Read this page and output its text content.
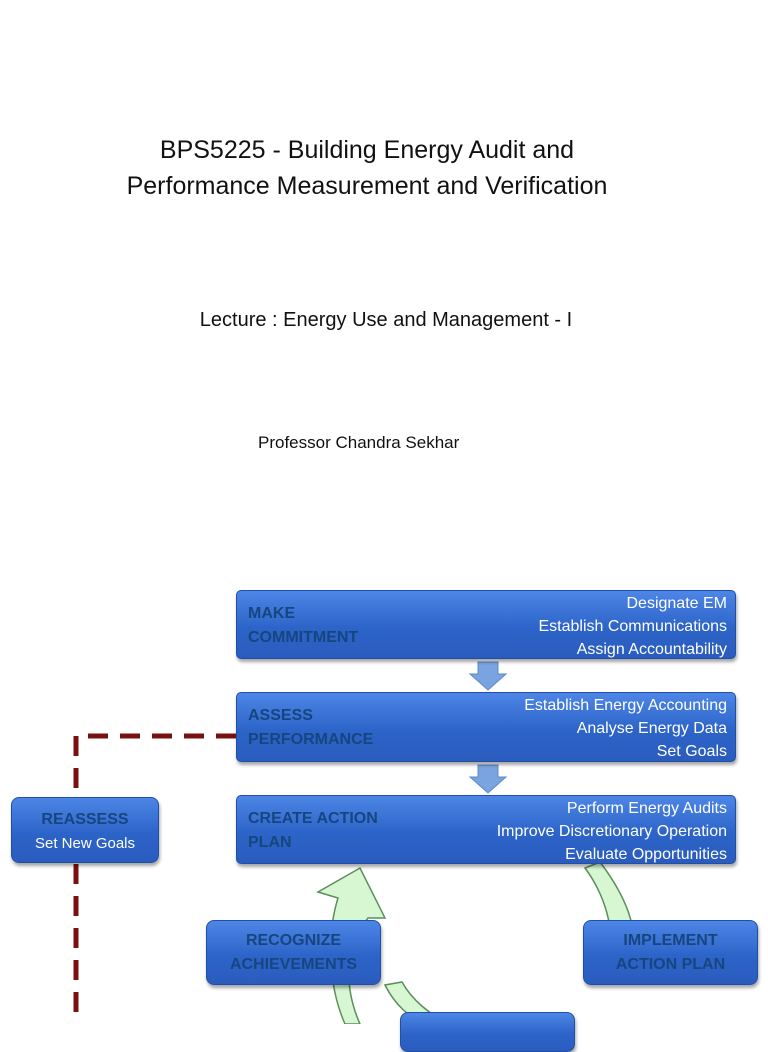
BPS5225 - Building Energy Audit and
Performance Measurement and Verification
Lecture : Energy Use and Management - I
Professor Chandra Sekhar
MAKE COMMITMENT
Designate EM
Establish Communications
Assign Accountability
ASSESS PERFORMANCE
Establish Energy Accounting
Analyse Energy Data
Set Goals
CREATE ACTION PLAN
Perform Energy Audits
Improve Discretionary Operation
Evaluate Opportunities
REASSESS
Set New Goals
RECOGNIZE ACHIEVEMENTS
IMPLEMENT ACTION PLAN
